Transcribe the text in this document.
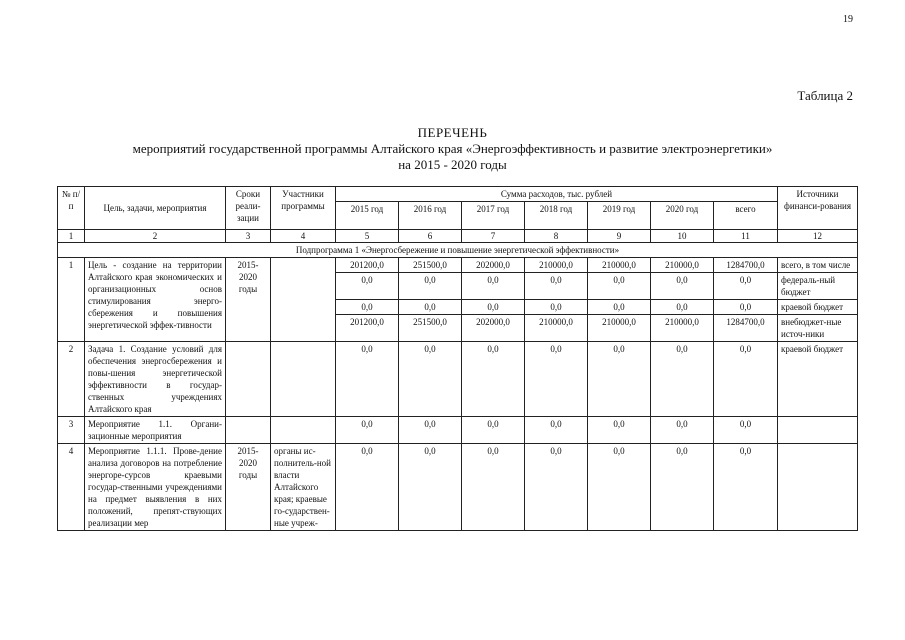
19
Таблица 2
ПЕРЕЧЕНЬ
мероприятий государственной программы Алтайского края «Энергоэффективность и развитие электроэнергетики»
на 2015 - 2020 годы
№ п/п	Цель, задачи, мероприятия	Сроки реали-зации	Участники программы	Сумма расходов, тыс. рублей							Источники финанси-рования
				2015 год	2016 год	2017 год	2018 год	2019 год	2020 год	всего	
1	2	3	4	5	6	7	8	9	10	11	12
Подпрограмма 1 «Энергосбережение и повышение энергетической эффективности»											
1	Цель - создание на территории Алтайского края экономических и организационных основ стимулирования энерго-сбережения и повышения энергетической эффек-тивности	2015-2020 годы		201200,0	251500,0	202000,0	210000,0	210000,0	210000,0	1284700,0	всего, в том числе
				0,0	0,0	0,0	0,0	0,0	0,0	0,0	федераль-ный бюджет
				0,0	0,0	0,0	0,0	0,0	0,0	0,0	краевой бюджет
				201200,0	251500,0	202000,0	210000,0	210000,0	210000,0	1284700,0	внебюджет-ные источ-ники
2	Задача 1. Создание условий для обеспечения энергосбережения и повы-шения энергетической эффективности в государ-ственных учреждениях Алтайского края			0,0	0,0	0,0	0,0	0,0	0,0	0,0	краевой бюджет
3	Мероприятие 1.1. Органи-зационные мероприятия			0,0	0,0	0,0	0,0	0,0	0,0	0,0	
4	Мероприятие 1.1.1. Прове-дение анализа договоров на потребление энергоре-сурсов краевыми государ-ственными учреждениями на предмет выявления в них положений, препят-ствующих реализации мер	2015-2020 годы	органы ис-полнитель-ной власти Алтайского края; краевые го-сударствен-ные учреж-	0,0	0,0	0,0	0,0	0,0	0,0	0,0	
